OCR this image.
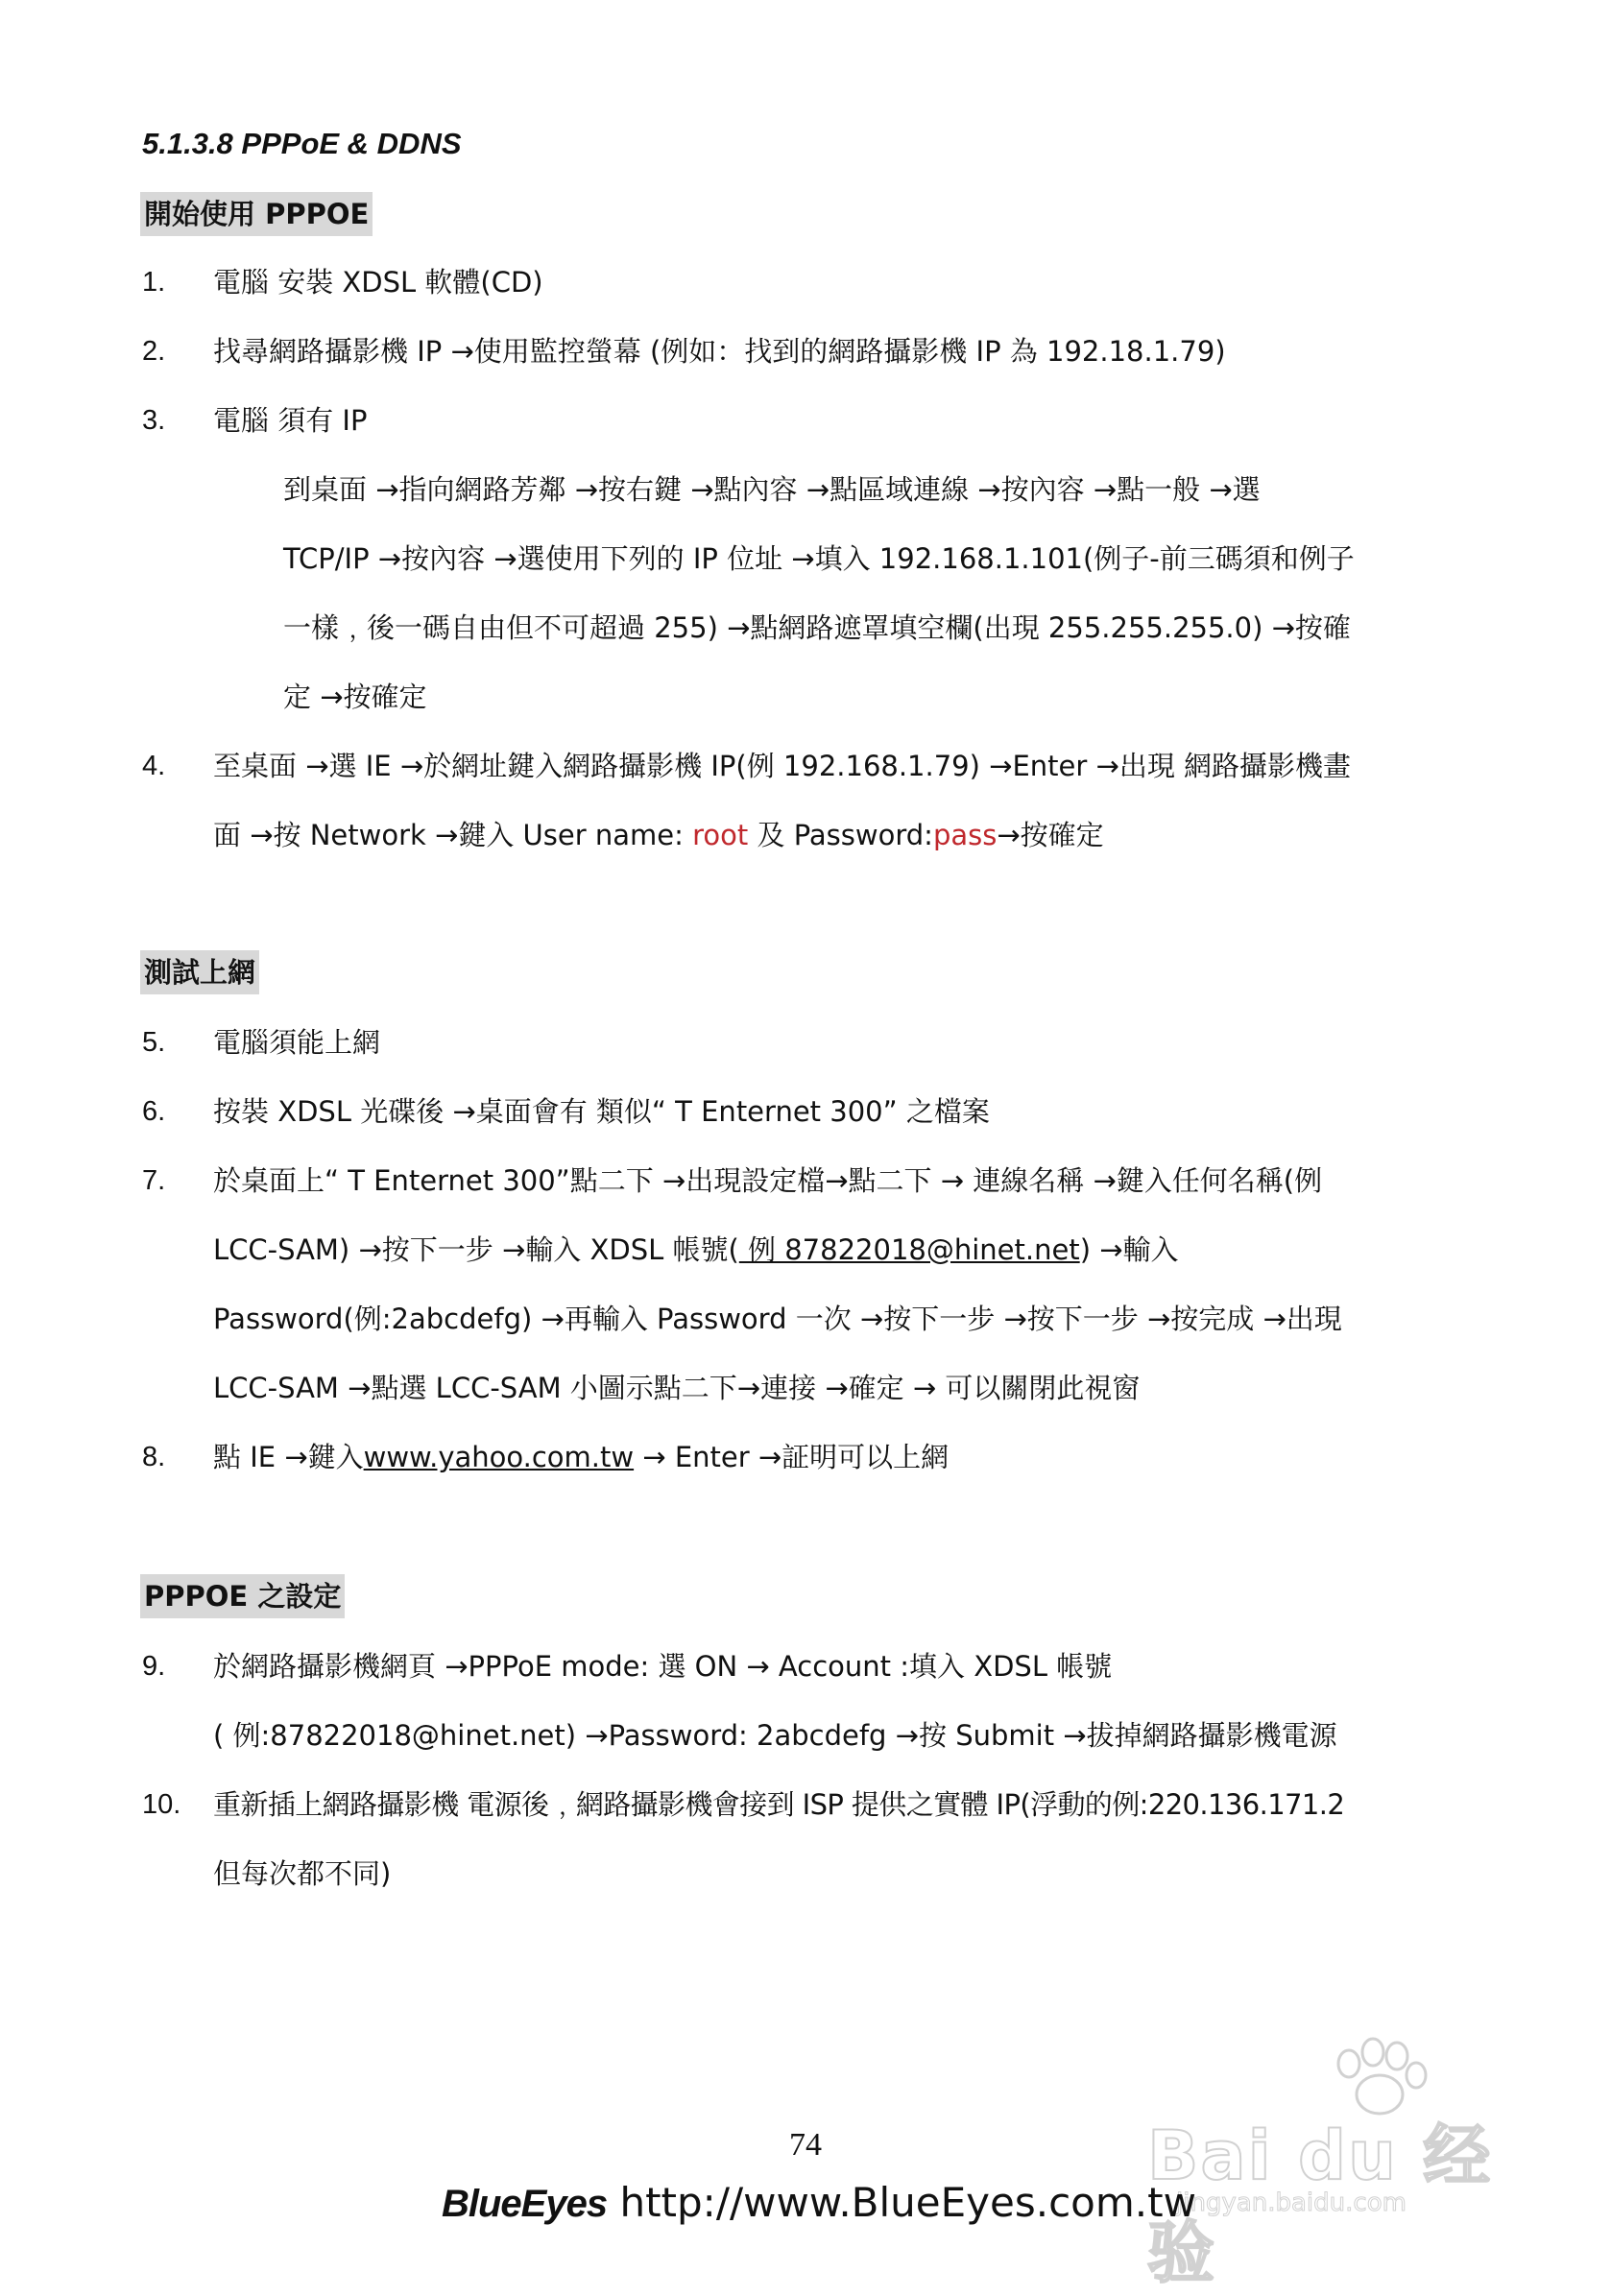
5.1.3.8 PPPoE & DDNS
開始使用 PPPOE
1. 電腦 安裝 XDSL 軟體(CD)
2. 找尋網路攝影機 IP →使用監控螢幕 (例如：找到的網路攝影機 IP 為 192.18.1.79)
3. 電腦 須有 IP
到桌面 →指向網路芳鄰 →按右鍵 →點內容 →點區域連線 →按內容 →點一般 →選
TCP/IP →按內容 →選使用下列的 IP 位址 →填入 192.168.1.101(例子-前三碼須和例子
一樣﹐後一碼自由但不可超過 255) →點網路遮罩填空欄(出現 255.255.255.0) →按確
定 →按確定
4. 至桌面 →選 IE →於網址鍵入網路攝影機 IP(例 192.168.1.79) →Enter →出現 網路攝影機畫
面 →按 Network →鍵入 User name: root 及 Password:pass→按確定
測試上網
5. 電腦須能上網
6. 按裝 XDSL 光碟後 →桌面會有 類似“ T Enternet 300” 之檔案
7. 於桌面上“ T Enternet 300”點二下 →出現設定檔→點二下 → 連線名稱 →鍵入任何名稱(例
LCC-SAM) →按下一步 →輸入 XDSL 帳號( 例 87822018@hinet.net) →輸入
Password(例:2abcdefg) →再輸入 Password 一次 →按下一步 →按下一步 →按完成 →出現
LCC-SAM →點選 LCC-SAM 小圖示點二下→連接 →確定 → 可以關閉此視窗
8. 點 IE →鍵入www.yahoo.com.tw → Enter →証明可以上網
PPPOE 之設定
9. 於網路攝影機網頁 →PPPoE mode: 選 ON → Account :填入 XDSL 帳號
( 例:87822018@hinet.net) →Password: 2abcdefg →按 Submit →拔掉網路攝影機電源
10. 重新插上網路攝影機 電源後﹐網路攝影機會接到 ISP 提供之實體 IP(浮動的例:220.136.171.2
但每次都不同)
Bai du 经验
jingyan.baidu.com
74
BlueEyes http://www.BlueEyes.com.tw
